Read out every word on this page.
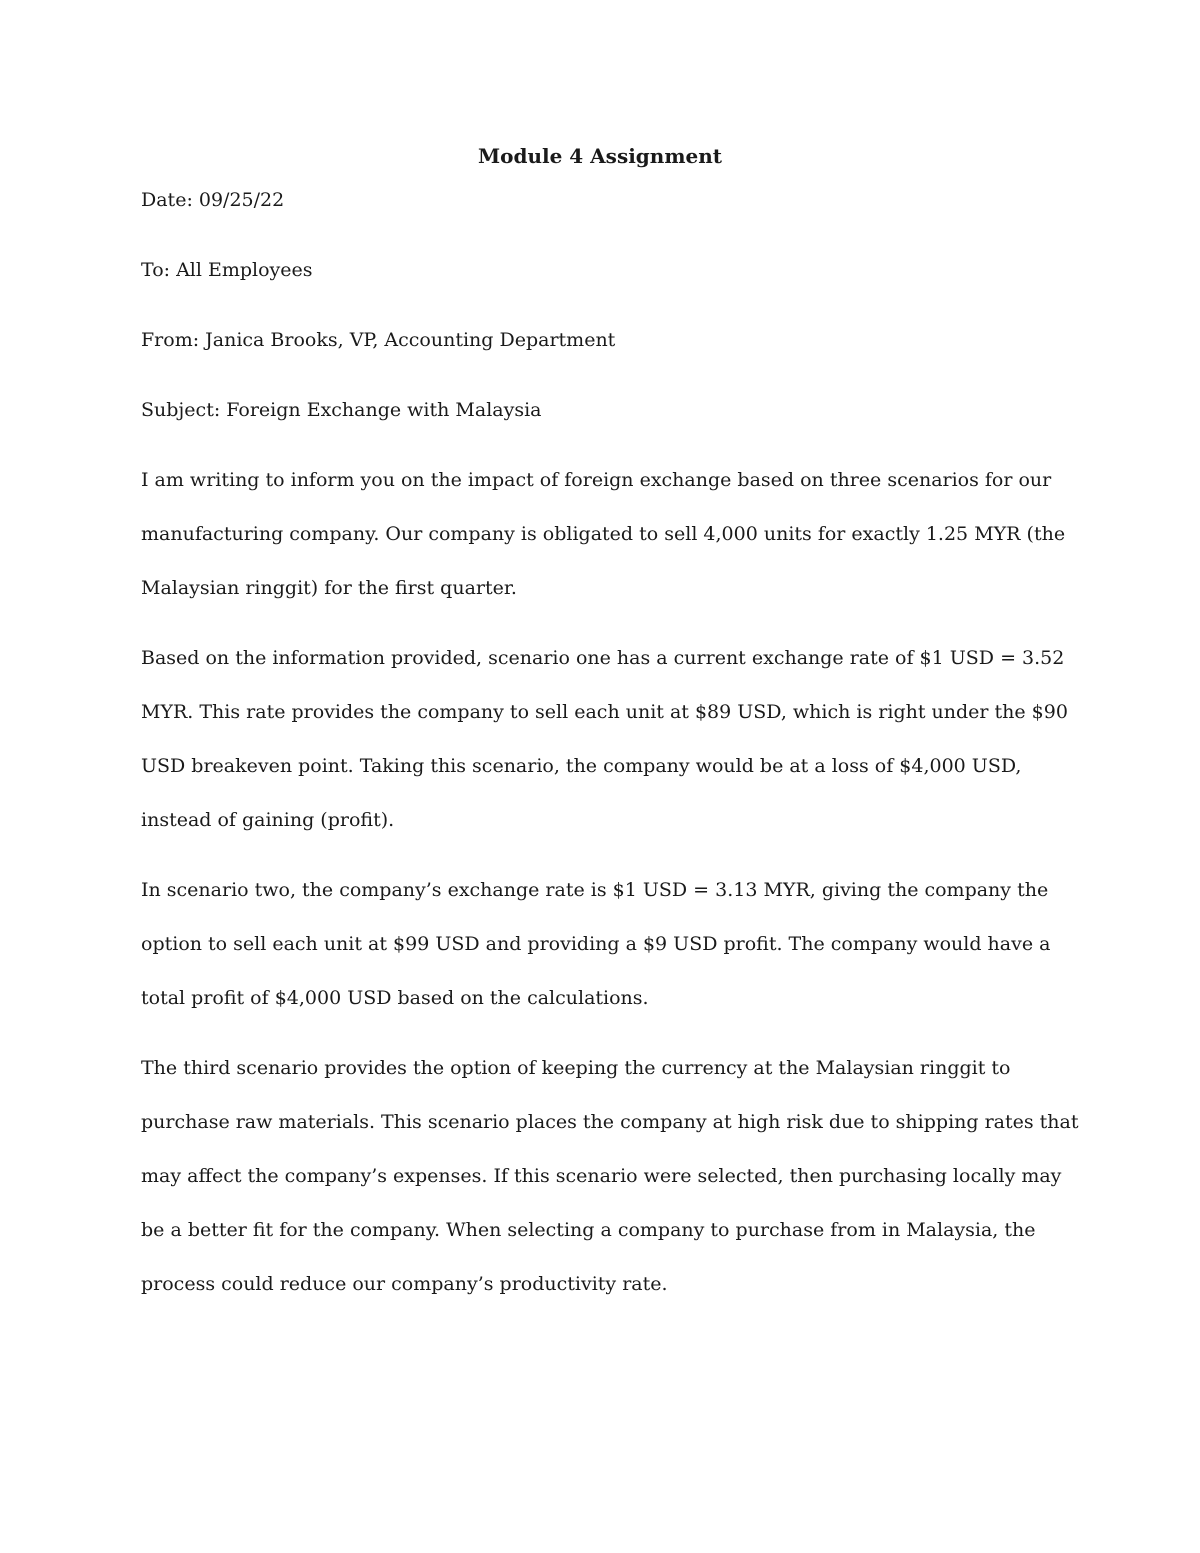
Module 4 Assignment

Date: 09/25/22

To: All Employees

From: Janica Brooks, VP, Accounting Department

Subject: Foreign Exchange with Malaysia

I am writing to inform you on the impact of foreign exchange based on three scenarios for our
manufacturing company. Our company is obligated to sell 4,000 units for exactly 1.25 MYR (the
Malaysian ringgit) for the first quarter.
Based on the information provided, scenario one has a current exchange rate of $1 USD = 3.52
MYR. This rate provides the company to sell each unit at $89 USD, which is right under the $90
USD breakeven point. Taking this scenario, the company would be at a loss of $4,000 USD,
instead of gaining (profit).
In scenario two, the company’s exchange rate is $1 USD = 3.13 MYR, giving the company the
option to sell each unit at $99 USD and providing a $9 USD profit. The company would have a
total profit of $4,000 USD based on the calculations.
The third scenario provides the option of keeping the currency at the Malaysian ringgit to
purchase raw materials. This scenario places the company at high risk due to shipping rates that
may affect the company’s expenses. If this scenario were selected, then purchasing locally may
be a better fit for the company. When selecting a company to purchase from in Malaysia, the
process could reduce our company’s productivity rate.
